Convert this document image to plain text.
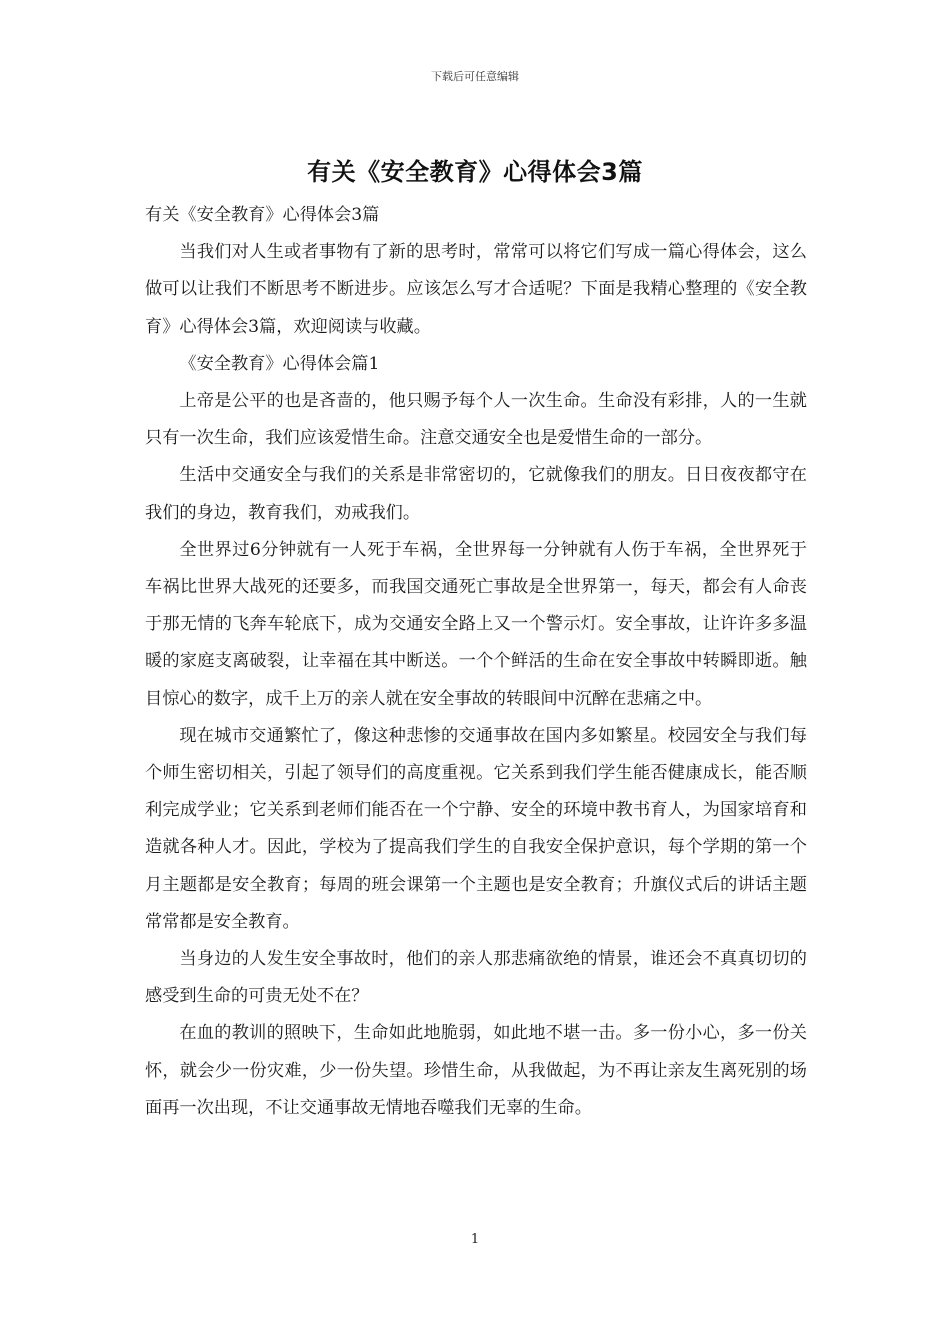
下载后可任意编辑
有关《安全教育》心得体会3篇

有关《安全教育》心得体会3篇

当我们对人生或者事物有了新的思考时，常常可以将它们写成一篇心得体会，这么做可以让我们不断思考不断进步。应该怎么写才合适呢？下面是我精心整理的《安全教育》心得体会3篇，欢迎阅读与收藏。

《安全教育》心得体会篇1

上帝是公平的也是吝啬的，他只赐予每个人一次生命。生命没有彩排，人的一生就只有一次生命，我们应该爱惜生命。注意交通安全也是爱惜生命的一部分。

生活中交通安全与我们的关系是非常密切的，它就像我们的朋友。日日夜夜都守在我们的身边，教育我们，劝戒我们。

全世界过6分钟就有一人死于车祸，全世界每一分钟就有人伤于车祸，全世界死于车祸比世界大战死的还要多，而我国交通死亡事故是全世界第一，每天，都会有人命丧于那无情的飞奔车轮底下，成为交通安全路上又一个警示灯。安全事故，让许许多多温暖的家庭支离破裂，让幸福在其中断送。一个个鲜活的生命在安全事故中转瞬即逝。触目惊心的数字，成千上万的亲人就在安全事故的转眼间中沉醉在悲痛之中。

现在城市交通繁忙了，像这种悲惨的交通事故在国内多如繁星。校园安全与我们每个师生密切相关，引起了领导们的高度重视。它关系到我们学生能否健康成长，能否顺利完成学业；它关系到老师们能否在一个宁静、安全的环境中教书育人，为国家培育和造就各种人才。因此，学校为了提高我们学生的自我安全保护意识，每个学期的第一个月主题都是安全教育；每周的班会课第一个主题也是安全教育；升旗仪式后的讲话主题常常都是安全教育。

当身边的人发生安全事故时，他们的亲人那悲痛欲绝的情景，谁还会不真真切切的感受到生命的可贵无处不在？

在血的教训的照映下，生命如此地脆弱，如此地不堪一击。多一份小心，多一份关怀，就会少一份灾难，少一份失望。珍惜生命，从我做起，为不再让亲友生离死别的场面再一次出现，不让交通事故无情地吞噬我们无辜的生命。

1
